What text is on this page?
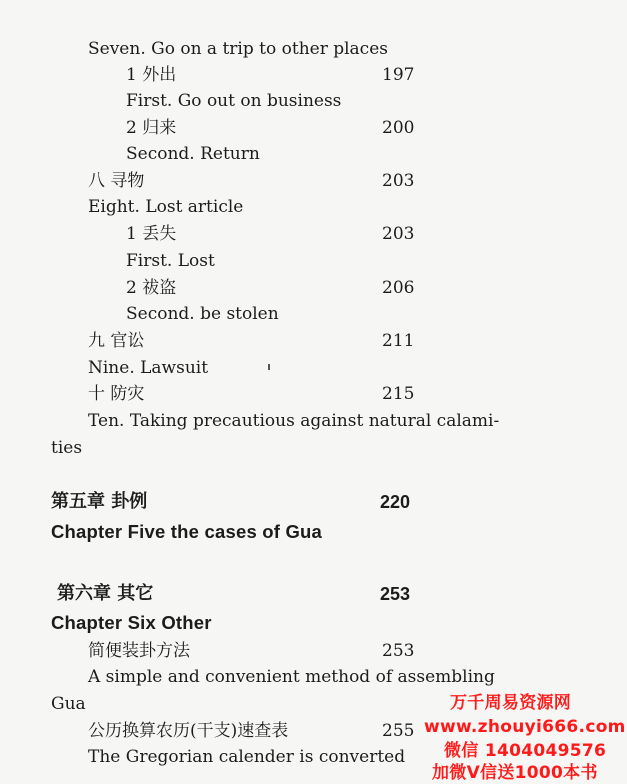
Seven. Go on a trip to other places
1 外出	197
First. Go out on business
2 归来	200
Second. Return
八 寻物	203
Eight. Lost article
1 丢失	203
First. Lost
2 祓盗	206
Second. be stolen
九 官讼	211
Nine. Lawsuit
十 防灾	215
Ten. Taking precautious against natural calami-
ties
第五章 卦例	220
Chapter Five the cases of Gua
第六章 其它	253
Chapter Six Other
简便装卦方法	253
A simple and convenient method of assembling
Gua
公历换算农历(干支)速查表	255
The Gregorian calender is converted
万千周易资源网
www.zhouyi666.com
微信 1404049576
加微V信送1000本书
